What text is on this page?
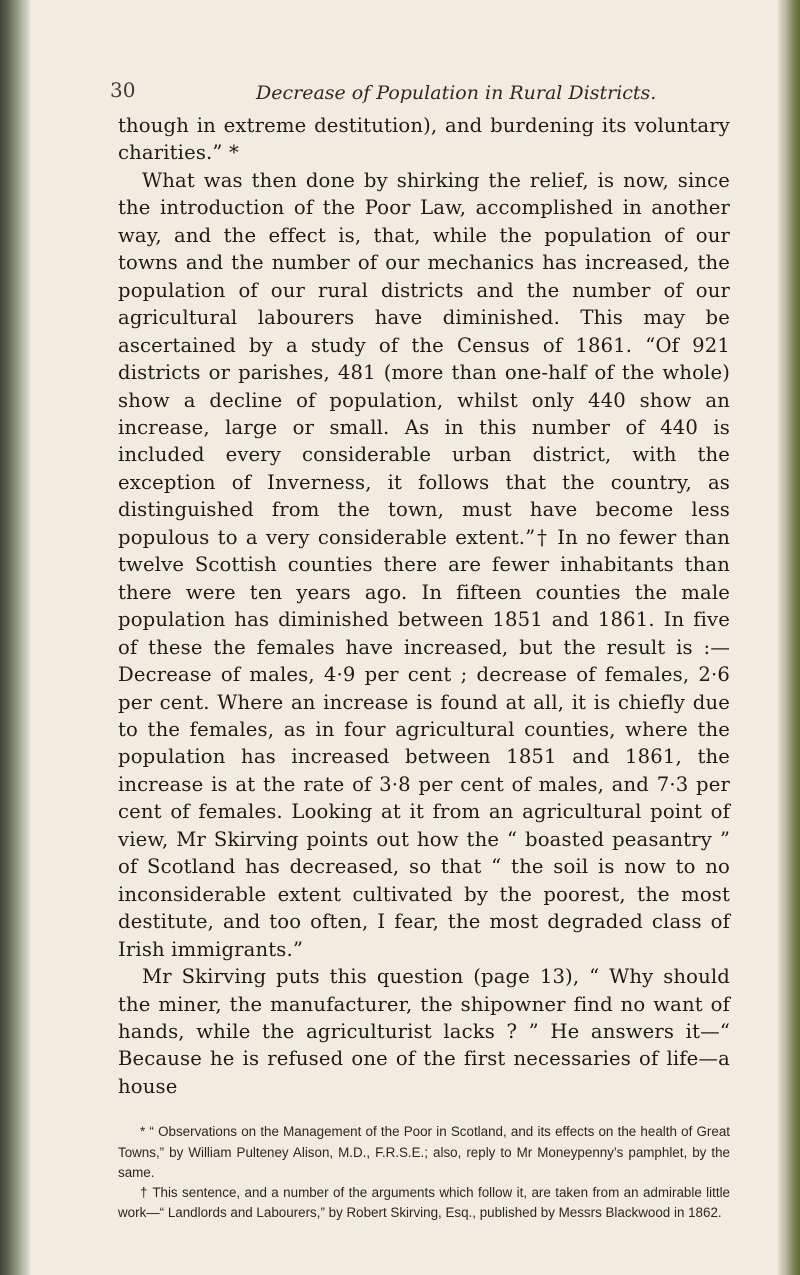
30	Decrease of Population in Rural Districts.

though in extreme destitution), and burdening its voluntary charities.” *

What was then done by shirking the relief, is now, since the introduction of the Poor Law, accomplished in another way, and the effect is, that, while the population of our towns and the number of our mechanics has increased, the population of our rural districts and the number of our agricultural labourers have diminished. This may be ascertained by a study of the Census of 1861. “Of 921 districts or parishes, 481 (more than one-half of the whole) show a decline of population, whilst only 440 show an increase, large or small. As in this number of 440 is included every considerable urban district, with the exception of Inverness, it follows that the country, as distinguished from the town, must have become less populous to a very considerable extent.”† In no fewer than twelve Scottish counties there are fewer inhabitants than there were ten years ago. In fifteen counties the male population has diminished between 1851 and 1861. In five of these the females have increased, but the result is :—Decrease of males, 4·9 per cent ; decrease of females, 2·6 per cent. Where an increase is found at all, it is chiefly due to the females, as in four agricultural counties, where the population has increased between 1851 and 1861, the increase is at the rate of 3·8 per cent of males, and 7·3 per cent of females. Looking at it from an agricultural point of view, Mr Skirving points out how the “ boasted peasantry ” of Scotland has decreased, so that “ the soil is now to no inconsiderable extent cultivated by the poorest, the most destitute, and too often, I fear, the most degraded class of Irish immigrants.”

Mr Skirving puts this question (page 13), “ Why should the miner, the manufacturer, the shipowner find no want of hands, while the agriculturist lacks ? ” He answers it—“ Because he is refused one of the first necessaries of life—a house

* “ Observations on the Management of the Poor in Scotland, and its effects on the health of Great Towns,” by William Pulteney Alison, M.D., F.R.S.E.; also, reply to Mr Moneypenny’s pamphlet, by the same.

† This sentence, and a number of the arguments which follow it, are taken from an admirable little work—“ Landlords and Labourers,” by Robert Skirving, Esq., published by Messrs Blackwood in 1862.
